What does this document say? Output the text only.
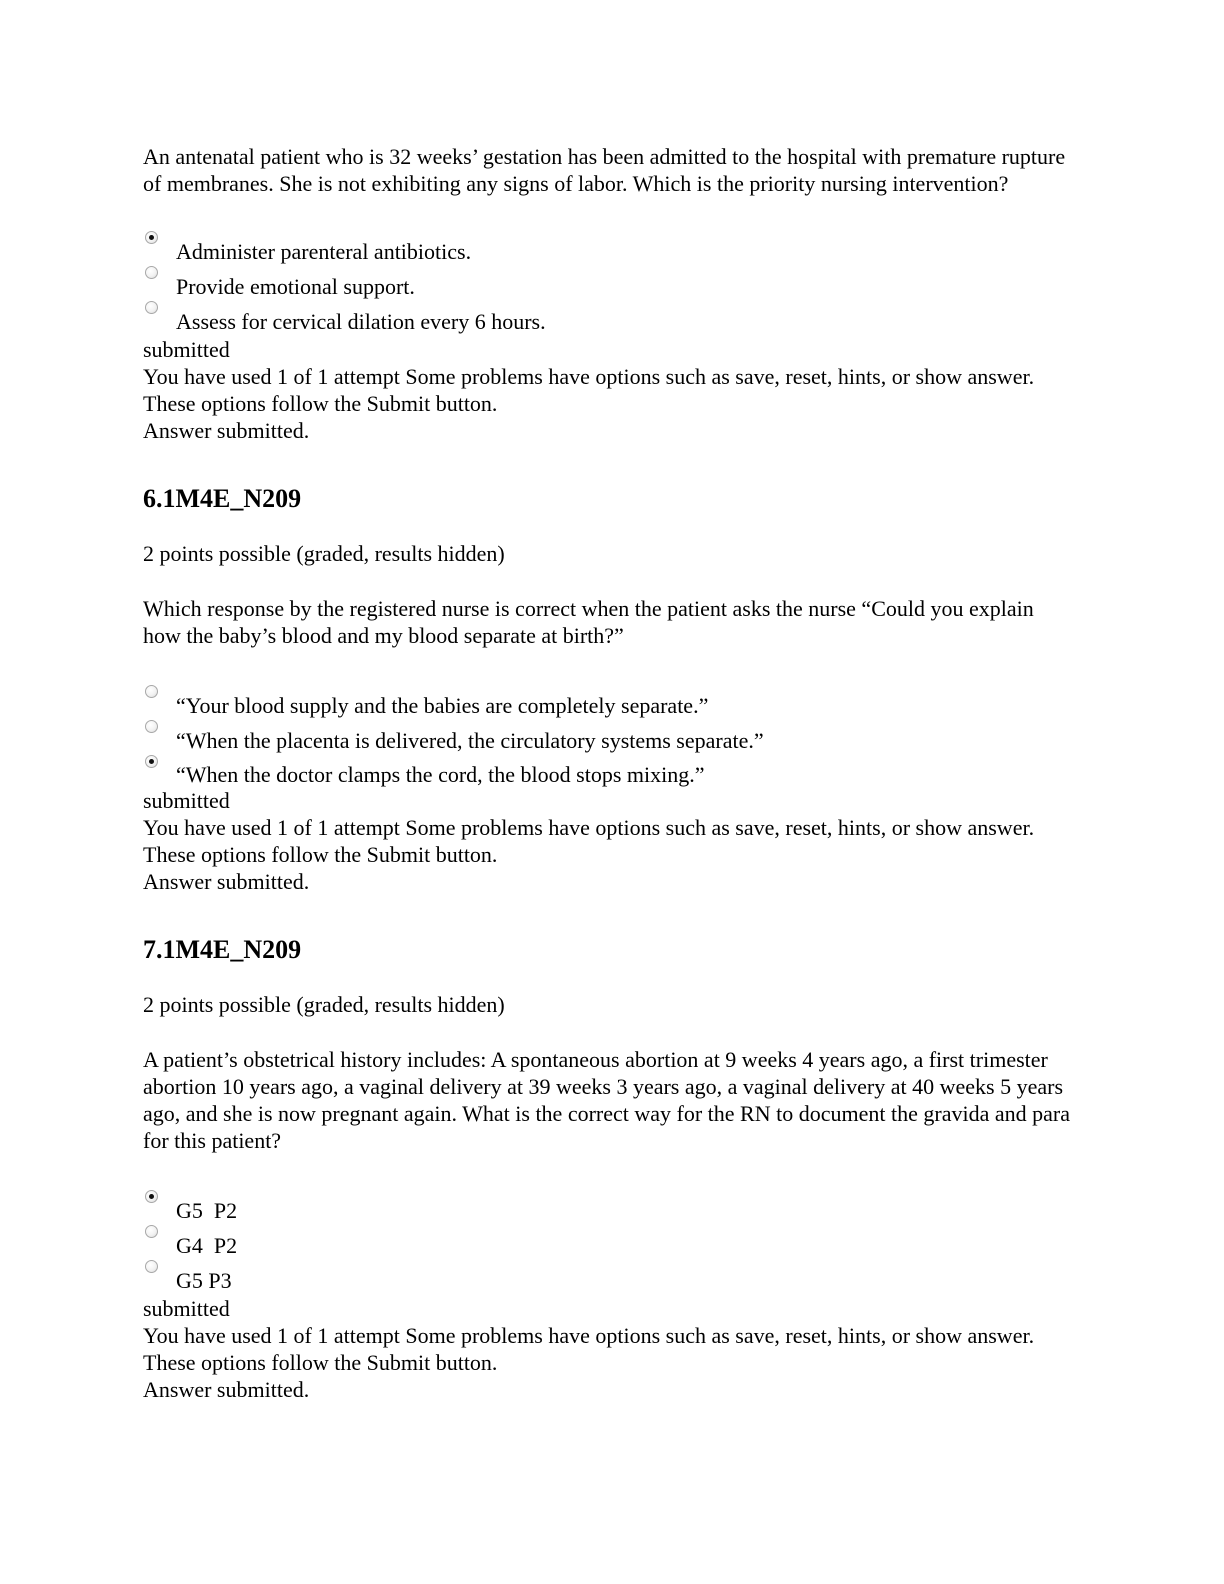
An antenatal patient who is 32 weeks’ gestation has been admitted to the hospital with premature rupture of membranes. She is not exhibiting any signs of labor. Which is the priority nursing intervention?

Administer parenteral antibiotics.
Provide emotional support.
Assess for cervical dilation every 6 hours.

submitted

You have used 1 of 1 attempt Some problems have options such as save, reset, hints, or show answer. These options follow the Submit button.

Answer submitted.

6.1M4E_N209

2 points possible (graded, results hidden)

Which response by the registered nurse is correct when the patient asks the nurse “Could you explain how the baby’s blood and my blood separate at birth?”

“Your blood supply and the babies are completely separate.”
“When the placenta is delivered, the circulatory systems separate.”
“When the doctor clamps the cord, the blood stops mixing.”

submitted

You have used 1 of 1 attempt Some problems have options such as save, reset, hints, or show answer. These options follow the Submit button.

Answer submitted.

7.1M4E_N209

2 points possible (graded, results hidden)

A patient’s obstetrical history includes: A spontaneous abortion at 9 weeks 4 years ago, a first trimester abortion 10 years ago, a vaginal delivery at 39 weeks 3 years ago, a vaginal delivery at 40 weeks 5 years ago, and she is now pregnant again. What is the correct way for the RN to document the gravida and para for this patient?

G5  P2
G4  P2
G5 P3

submitted

You have used 1 of 1 attempt Some problems have options such as save, reset, hints, or show answer. These options follow the Submit button.

Answer submitted.
